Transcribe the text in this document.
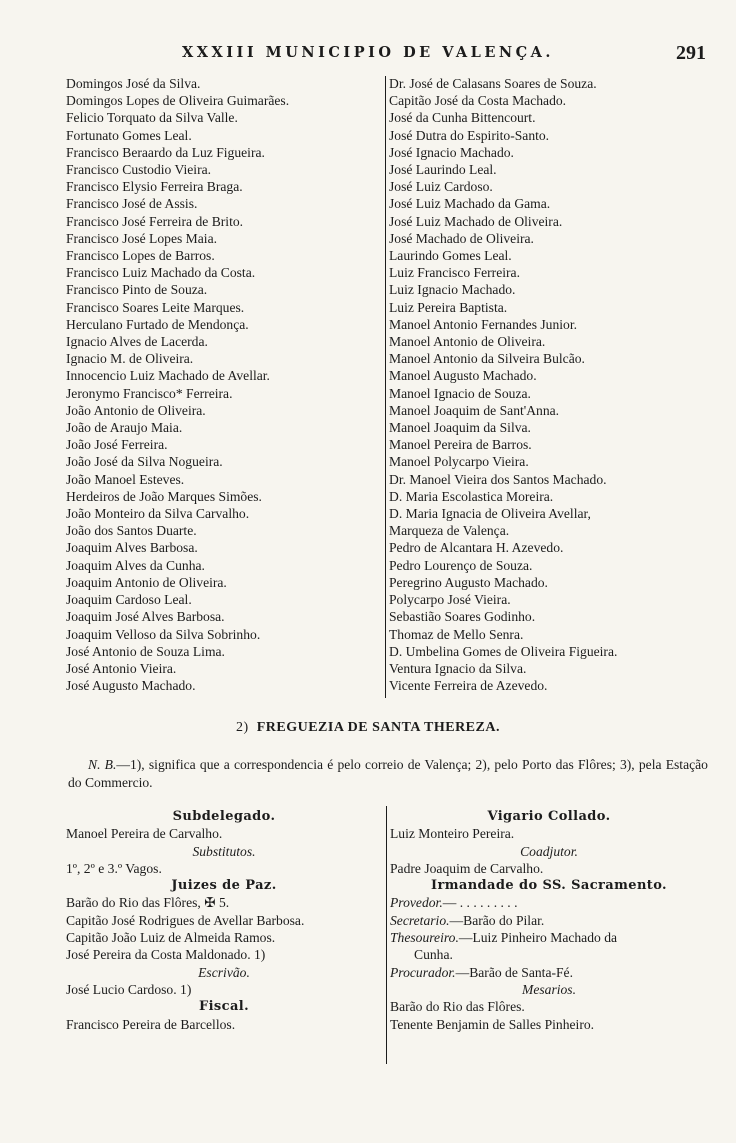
XXXIII MUNICIPIO DE VALENÇA.	291
Domingos José da Silva.
Domingos Lopes de Oliveira Guimarães.
Felicio Torquato da Silva Valle.
Fortunato Gomes Leal.
Francisco Beraardo da Luz Figueira.
Francisco Custodio Vieira.
Francisco Elysio Ferreira Braga.
Francisco José de Assis.
Francisco José Ferreira de Brito.
Francisco José Lopes Maia.
Francisco Lopes de Barros.
Francisco Luiz Machado da Costa.
Francisco Pinto de Souza.
Francisco Soares Leite Marques.
Herculano Furtado de Mendonça.
Ignacio Alves de Lacerda.
Ignacio M. de Oliveira.
Innocencio Luiz Machado de Avellar.
Jeronymo Francisco* Ferreira.
João Antonio de Oliveira.
João de Araujo Maia.
João José Ferreira.
João José da Silva Nogueira.
João Manoel Esteves.
Herdeiros de João Marques Simões.
João Monteiro da Silva Carvalho.
João dos Santos Duarte.
Joaquim Alves Barbosa.
Joaquim Alves da Cunha.
Joaquim Antonio de Oliveira.
Joaquim Cardoso Leal.
Joaquim José Alves Barbosa.
Joaquim Velloso da Silva Sobrinho.
José Antonio de Souza Lima.
José Antonio Vieira.
José Augusto Machado.
Dr. José de Calasans Soares de Souza.
Capitão José da Costa Machado.
José da Cunha Bittencourt.
José Dutra do Espirito-Santo.
José Ignacio Machado.
José Laurindo Leal.
José Luiz Cardoso.
José Luiz Machado da Gama.
José Luiz Machado de Oliveira.
José Machado de Oliveira.
Laurindo Gomes Leal.
Luiz Francisco Ferreira.
Luiz Ignacio Machado.
Luiz Pereira Baptista.
Manoel Antonio Fernandes Junior.
Manoel Antonio de Oliveira.
Manoel Antonio da Silveira Bulcão.
Manoel Augusto Machado.
Manoel Ignacio de Souza.
Manoel Joaquim de Sant'Anna.
Manoel Joaquim da Silva.
Manoel Pereira de Barros.
Manoel Polycarpo Vieira.
Dr. Manoel Vieira dos Santos Machado.
D. Maria Escolastica Moreira.
D. Maria Ignacia de Oliveira Avellar,
Marqueza de Valença.
Pedro de Alcantara H. Azevedo.
Pedro Lourenço de Souza.
Peregrino Augusto Machado.
Polycarpo José Vieira.
Sebastião Soares Godinho.
Thomaz de Mello Senra.
D. Umbelina Gomes de Oliveira Figueira.
Ventura Ignacio da Silva.
Vicente Ferreira de Azevedo.
2) FREGUEZIA DE SANTA THEREZA.
N. B.—1), significa que a correspondencia é pelo correio de Valença; 2), pelo Porto das Flôres; 3), pela Estação do Commercio.
Subdelegado.
Manoel Pereira de Carvalho.
Substitutos.
1º, 2º e 3.º Vagos.
Juizes de Paz.
Barão do Rio das Flôres, ✠ 5.
Capitão José Rodrigues de Avellar Barbosa.
Capitão João Luiz de Almeida Ramos.
José Pereira da Costa Maldonado. 1)
Escrivão.
José Lucio Cardoso. 1)
Fiscal.
Francisco Pereira de Barcellos.
Vigario Collado.
Luiz Monteiro Pereira.
Coadjutor.
Padre Joaquim de Carvalho.
Irmandade do SS. Sacramento.
Provedor.— . . . . . . . . .
Secretario.—Barão do Pilar.
Thesoureiro.—Luiz Pinheiro Machado da
Cunha.
Procurador.—Barão de Santa-Fé.
Mesarios.
Barão do Rio das Flôres.
Tenente Benjamin de Salles Pinheiro.
